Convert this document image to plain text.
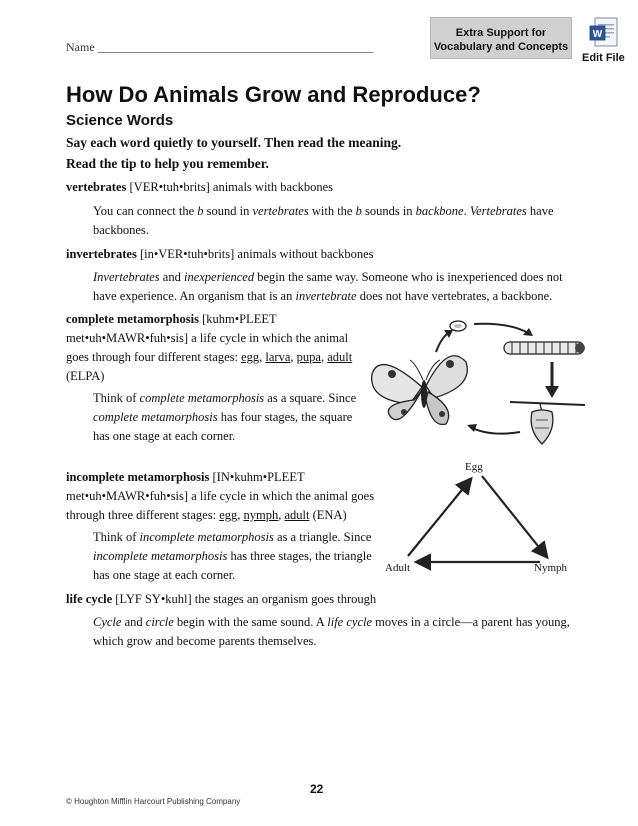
Name ______________________________________________
Extra Support for
Vocabulary and Concepts
W
Edit File
How Do Animals Grow and Reproduce?
Science Words
Say each word quietly to yourself. Then read the meaning.
Read the tip to help you remember.
vertebrates [VER•tuh•brits] animals with backbones
You can connect the b sound in vertebrates with the b sounds in backbone. Vertebrates have
backbones.
invertebrates [in•VER•tuh•brits] animals without backbones
Invertebrates and inexperienced begin the same way. Someone who is inexperienced does not
have experience. An organism that is an invertebrate does not have vertebrates, a backbone.
complete metamorphosis [kuhm•PLEET
met•uh•MAWR•fuh•sis] a life cycle in which the animal
goes through four different stages: egg, larva, pupa, adult
(ELPA)
Think of complete metamorphosis as a square. Since
complete metamorphosis has four stages, the square
has one stage at each corner.
incomplete metamorphosis [IN•kuhm•PLEET
met•uh•MAWR•fuh•sis] a life cycle in which the animal goes
through three different stages: egg, nymph, adult (ENA)
Think of incomplete metamorphosis as a triangle. Since
incomplete metamorphosis has three stages, the triangle
has one stage at each corner.
Egg
Adult	Nymph
life cycle [LYF SY•kuhl] the stages an organism goes through
Cycle and circle begin with the same sound. A life cycle moves in a circle—a parent has young,
which grow and become parents themselves.
22
© Houghton Mifflin Harcourt Publishing Company
